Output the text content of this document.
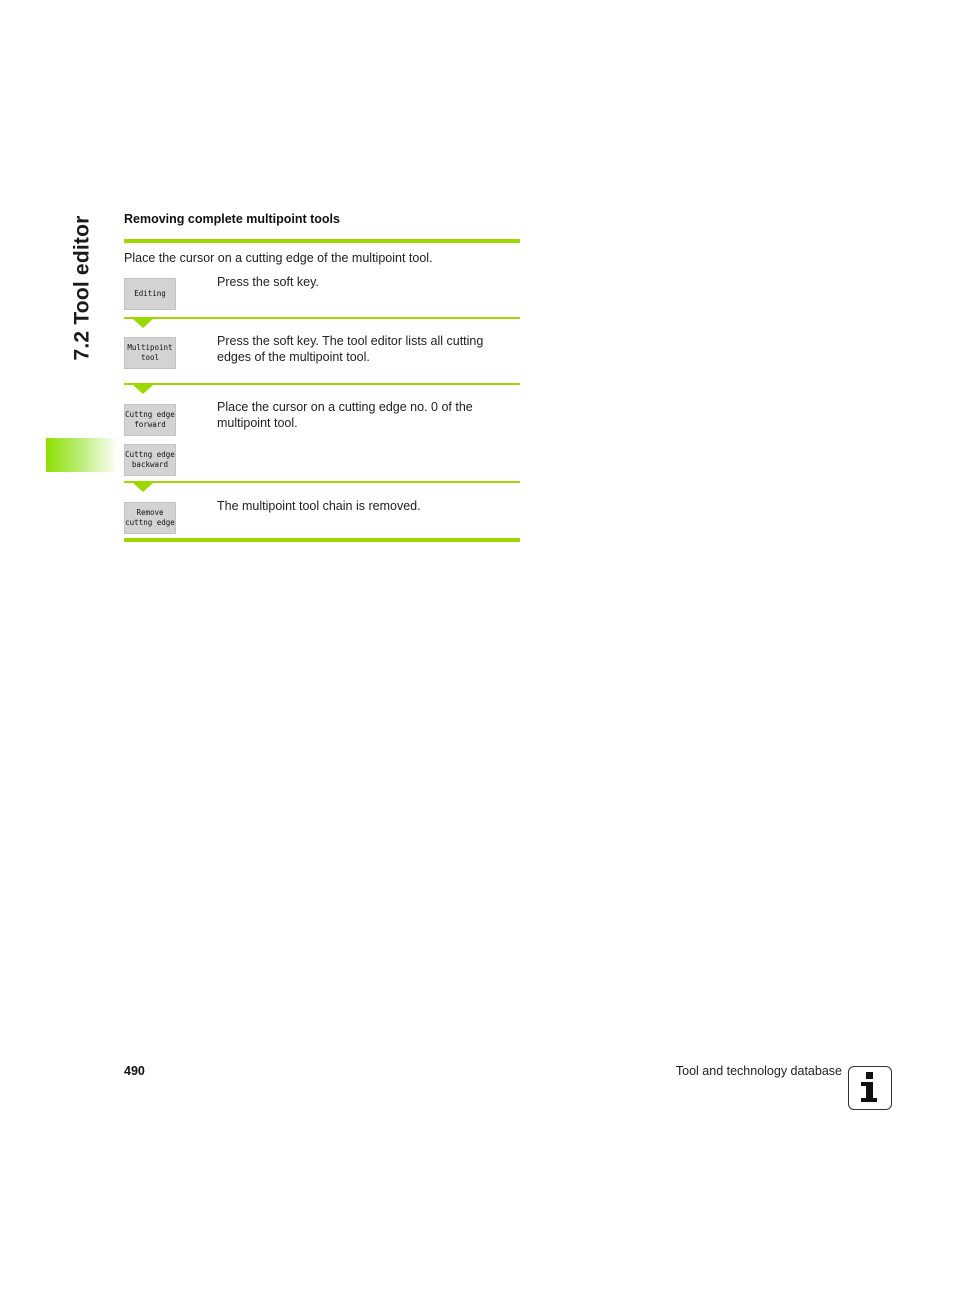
7.2 Tool editor Removing complete multipoint tools
Place the cursor on a cutting edge of the multipoint tool.
Editing
Press the soft key.
Multipoint
tool
Press the soft key. The tool editor lists all cutting edges of the multipoint tool.
Cuttng edge
forward
Cuttng edge
backward
Place the cursor on a cutting edge no. 0 of the multipoint tool.
Remove
cuttng edge
The multipoint tool chain is removed.
490	Tool and technology database
